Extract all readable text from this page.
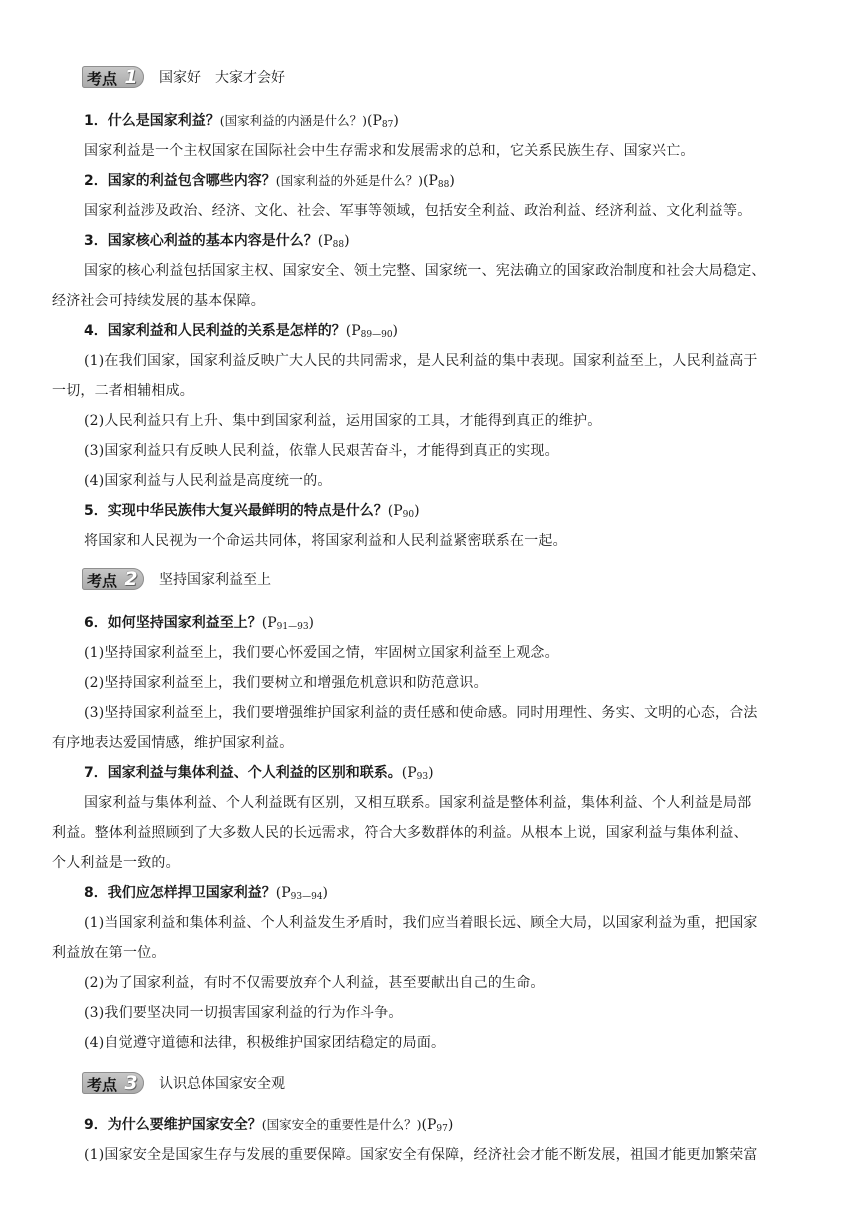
考点 1	国家好　大家才会好
1．什么是国家利益？(国家利益的内涵是什么？)$(P_{87})$
国家利益是一个主权国家在国际社会中生存需求和发展需求的总和，它关系民族生存、国家兴亡。
2．国家的利益包含哪些内容？(国家利益的外延是什么？)$(P_{88})$
国家利益涉及政治、经济、文化、社会、军事等领域，包括安全利益、政治利益、经济利益、文化利益等。
3．国家核心利益的基本内容是什么？$(P_{88})$
国家的核心利益包括国家主权、国家安全、领土完整、国家统一、宪法确立的国家政治制度和社会大局稳定、
经济社会可持续发展的基本保障。
4．国家利益和人民利益的关系是怎样的？$(P_{89—90})$
(1)在我们国家，国家利益反映广大人民的共同需求，是人民利益的集中表现。国家利益至上，人民利益高于
一切，二者相辅相成。
(2)人民利益只有上升、集中到国家利益，运用国家的工具，才能得到真正的维护。
(3)国家利益只有反映人民利益，依靠人民艰苦奋斗，才能得到真正的实现。
(4)国家利益与人民利益是高度统一的。
5．实现中华民族伟大复兴最鲜明的特点是什么？$(P_{90})$
将国家和人民视为一个命运共同体，将国家利益和人民利益紧密联系在一起。
考点 2	坚持国家利益至上
6．如何坚持国家利益至上？$(P_{91—93})$
(1)坚持国家利益至上，我们要心怀爱国之情，牢固树立国家利益至上观念。
(2)坚持国家利益至上，我们要树立和增强危机意识和防范意识。
(3)坚持国家利益至上，我们要增强维护国家利益的责任感和使命感。同时用理性、务实、文明的心态，合法
有序地表达爱国情感，维护国家利益。
7．国家利益与集体利益、个人利益的区别和联系。$(P_{93})$
国家利益与集体利益、个人利益既有区别，又相互联系。国家利益是整体利益，集体利益、个人利益是局部
利益。整体利益照顾到了大多数人民的长远需求，符合大多数群体的利益。从根本上说，国家利益与集体利益、
个人利益是一致的。
8．我们应怎样捍卫国家利益？$(P_{93—94})$
(1)当国家利益和集体利益、个人利益发生矛盾时，我们应当着眼长远、顾全大局，以国家利益为重，把国家
利益放在第一位。
(2)为了国家利益，有时不仅需要放弃个人利益，甚至要献出自己的生命。
(3)我们要坚决同一切损害国家利益的行为作斗争。
(4)自觉遵守道德和法律，积极维护国家团结稳定的局面。
考点 3	认识总体国家安全观
9．为什么要维护国家安全？(国家安全的重要性是什么？)$(P_{97})$
(1)国家安全是国家生存与发展的重要保障。国家安全有保障，经济社会才能不断发展，祖国才能更加繁荣富
